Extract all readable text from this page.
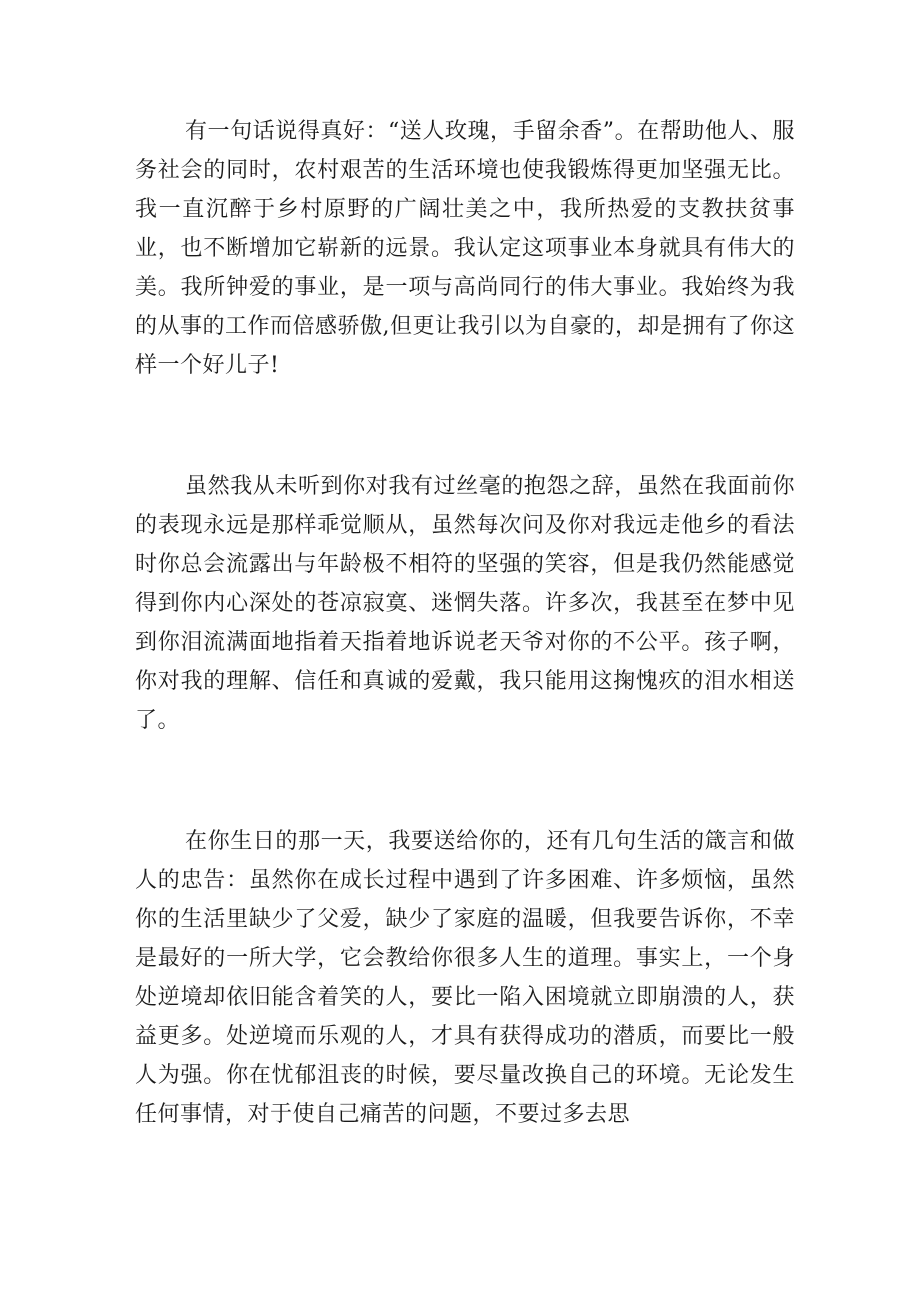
有一句话说得真好：“送人玫瑰，手留余香”。在帮助他人、服务社会的同时，农村艰苦的生活环境也使我锻炼得更加坚强无比。我一直沉醉于乡村原野的广阔壮美之中，我所热爱的支教扶贫事业，也不断增加它崭新的远景。我认定这项事业本身就具有伟大的美。我所钟爱的事业，是一项与高尚同行的伟大事业。我始终为我的从事的工作而倍感骄傲,但更让我引以为自豪的，却是拥有了你这样一个好儿子!

虽然我从未听到你对我有过丝毫的抱怨之辞，虽然在我面前你的表现永远是那样乖觉顺从，虽然每次问及你对我远走他乡的看法时你总会流露出与年龄极不相符的坚强的笑容，但是我仍然能感觉得到你内心深处的苍凉寂寞、迷惘失落。许多次，我甚至在梦中见到你泪流满面地指着天指着地诉说老天爷对你的不公平。孩子啊，你对我的理解、信任和真诚的爱戴，我只能用这掬愧疚的泪水相送了。

在你生日的那一天，我要送给你的，还有几句生活的箴言和做人的忠告：虽然你在成长过程中遇到了许多困难、许多烦恼，虽然你的生活里缺少了父爱，缺少了家庭的温暖，但我要告诉你，不幸是最好的一所大学，它会教给你很多人生的道理。事实上，一个身处逆境却依旧能含着笑的人，要比一陷入困境就立即崩溃的人，获益更多。处逆境而乐观的人，才具有获得成功的潜质，而要比一般人为强。你在忧郁沮丧的时候，要尽量改换自己的环境。无论发生任何事情，对于使自己痛苦的问题，不要过多去思
